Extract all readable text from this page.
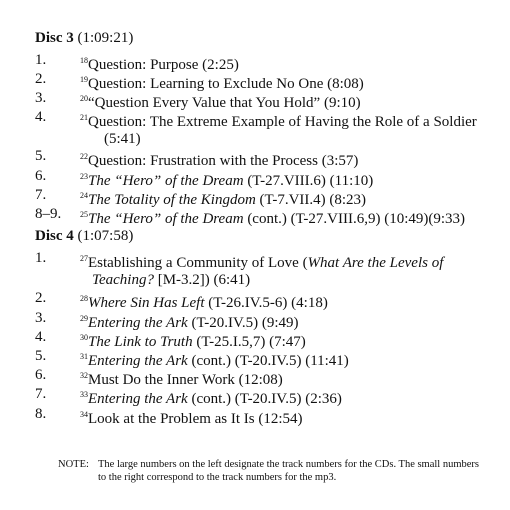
Disc 3 (1:09:21)
1.	$^{18}$Question: Purpose (2:25)
2.	$^{19}$Question: Learning to Exclude No One (8:08)
3.	$^{20}$“Question Every Value that You Hold” (9:10)
4.	$^{21}$Question: The Extreme Example of Having the Role of a Soldier
(5:41)
5.	$^{22}$Question: Frustration with the Process (3:57)
6.	$^{23}$The “Hero” of the Dream (T-27.VIII.6) (11:10)
7.	$^{24}$The Totality of the Kingdom (T-7.VII.4) (8:23)
8–9. $^{25}$The “Hero” of the Dream (cont.) (T-27.VIII.6,9) (10:49)(9:33)
Disc 4 (1:07:58)
1.	$^{27}$Establishing a Community of Love (What Are the Levels of
Teaching? [M-3.2]) (6:41)
2.	$^{28}$Where Sin Has Left (T-26.IV.5-6) (4:18)
3.	$^{29}$Entering the Ark (T-20.IV.5) (9:49)
4.	$^{30}$The Link to Truth (T-25.I.5,7) (7:47)
5.	$^{31}$Entering the Ark (cont.) (T-20.IV.5) (11:41)
6.	$^{32}$Must Do the Inner Work (12:08)
7.	$^{33}$Entering the Ark (cont.) (T-20.IV.5) (2:36)
8.	$^{34}$Look at the Problem as It Is (12:54)
NOTE: The large numbers on the left designate the track numbers for the CDs. The small numbers to the right correspond to the track numbers for the mp3.
